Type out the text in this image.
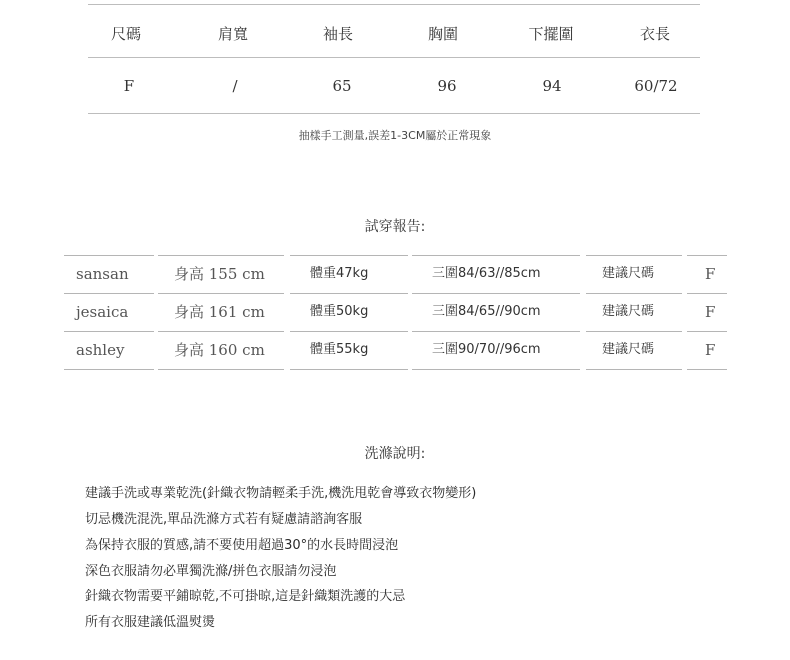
尺碼	肩寬	袖長	胸圍	下擺圍	衣長
F	/	65	96	94	60/72
抽樣手工測量,誤差1-3CM屬於正常現象
試穿報告:
sansan	身高 155 cm	體重47kg	三圍84/63//85cm	建議尺碼	F
jesaica	身高 161 cm	體重50kg	三圍84/65//90cm	建議尺碼	F
ashley	身高 160 cm	體重55kg	三圍90/70//96cm	建議尺碼	F
洗滌說明:
建議手洗或專業乾洗(針織衣物請輕柔手洗,機洗甩乾會導致衣物變形)
切忌機洗混洗,單品洗滌方式若有疑慮請諮詢客服
為保持衣服的質感,請不要使用超過30°的水長時間浸泡
深色衣服請勿必單獨洗滌/拼色衣服請勿浸泡
針織衣物需要平鋪晾乾,不可掛晾,這是針織類洗護的大忌
所有衣服建議低溫熨燙
